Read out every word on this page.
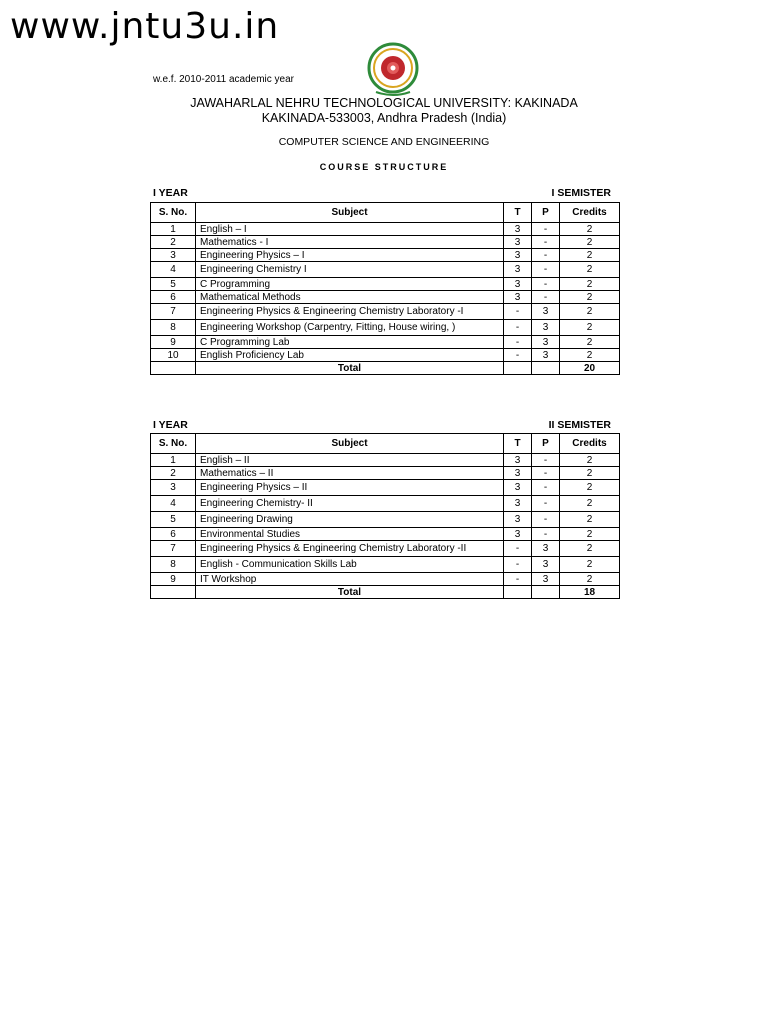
www.jntu3u.in
w.e.f. 2010-2011 academic year
JAWAHARLAL NEHRU TECHNOLOGICAL UNIVERSITY: KAKINADA
KAKINADA-533003, Andhra Pradesh (India)
COMPUTER SCIENCE AND ENGINEERING
COURSE STRUCTURE
I YEAR	I SEMISTER
S. No.	Subject	T	P	Credits
1	English – I	3	-	2
2	Mathematics - I	3	-	2
3	Engineering Physics – I	3	-	2
4	Engineering Chemistry I	3	-	2
5	C Programming	3	-	2
6	Mathematical Methods	3	-	2
7	Engineering Physics & Engineering Chemistry Laboratory -I	-	3	2
8	Engineering Workshop (Carpentry, Fitting, House wiring, )	-	3	2
9	C Programming Lab	-	3	2
10	English Proficiency Lab	-	3	2
	Total			20
I YEAR	II SEMISTER
S. No.	Subject	T	P	Credits
1	English – II	3	-	2
2	Mathematics – II	3	-	2
3	Engineering Physics – II	3	-	2
4	Engineering Chemistry- II	3	-	2
5	Engineering Drawing	3	-	2
6	Environmental Studies	3	-	2
7	Engineering Physics & Engineering Chemistry Laboratory -II	-	3	2
8	English - Communication Skills Lab	-	3	2
9	IT Workshop	-	3	2
	Total			18
